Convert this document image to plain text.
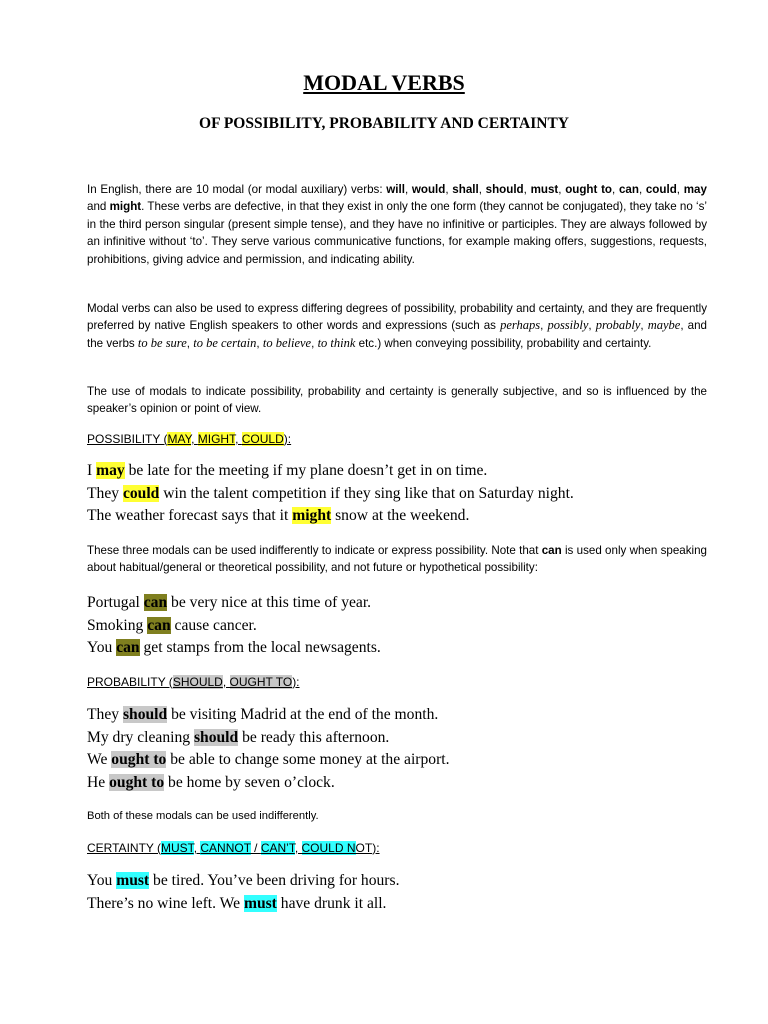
MODAL VERBS
OF POSSIBILITY, PROBABILITY AND CERTAINTY
In English, there are 10 modal (or modal auxiliary) verbs: will, would, shall, should, must, ought to, can, could, may and might. These verbs are defective, in that they exist in only the one form (they cannot be conjugated), they take no ‘s’ in the third person singular (present simple tense), and they have no infinitive or participles. They are always followed by an infinitive without ‘to’. They serve various communicative functions, for example making offers, suggestions, requests, prohibitions, giving advice and permission, and indicating ability.
Modal verbs can also be used to express differing degrees of possibility, probability and certainty, and they are frequently preferred by native English speakers to other words and expressions (such as perhaps, possibly, probably, maybe, and the verbs to be sure, to be certain, to believe, to think etc.) when conveying possibility, probability and certainty.
The use of modals to indicate possibility, probability and certainty is generally subjective, and so is influenced by the speaker’s opinion or point of view.
POSSIBILITY (MAY, MIGHT, COULD):
I may be late for the meeting if my plane doesn’t get in on time.
They could win the talent competition if they sing like that on Saturday night.
The weather forecast says that it might snow at the weekend.
These three modals can be used indifferently to indicate or express possibility. Note that can is used only when speaking about habitual/general or theoretical possibility, and not future or hypothetical possibility:
Portugal can be very nice at this time of year.
Smoking can cause cancer.
You can get stamps from the local newsagents.
PROBABILITY (SHOULD, OUGHT TO):
They should be visiting Madrid at the end of the month.
My dry cleaning should be ready this afternoon.
We ought to be able to change some money at the airport.
He ought to be home by seven o’clock.
Both of these modals can be used indifferently.
CERTAINTY (MUST, CANNOT / CAN’T, COULD NOT):
You must be tired. You’ve been driving for hours.
There’s no wine left. We must have drunk it all.
